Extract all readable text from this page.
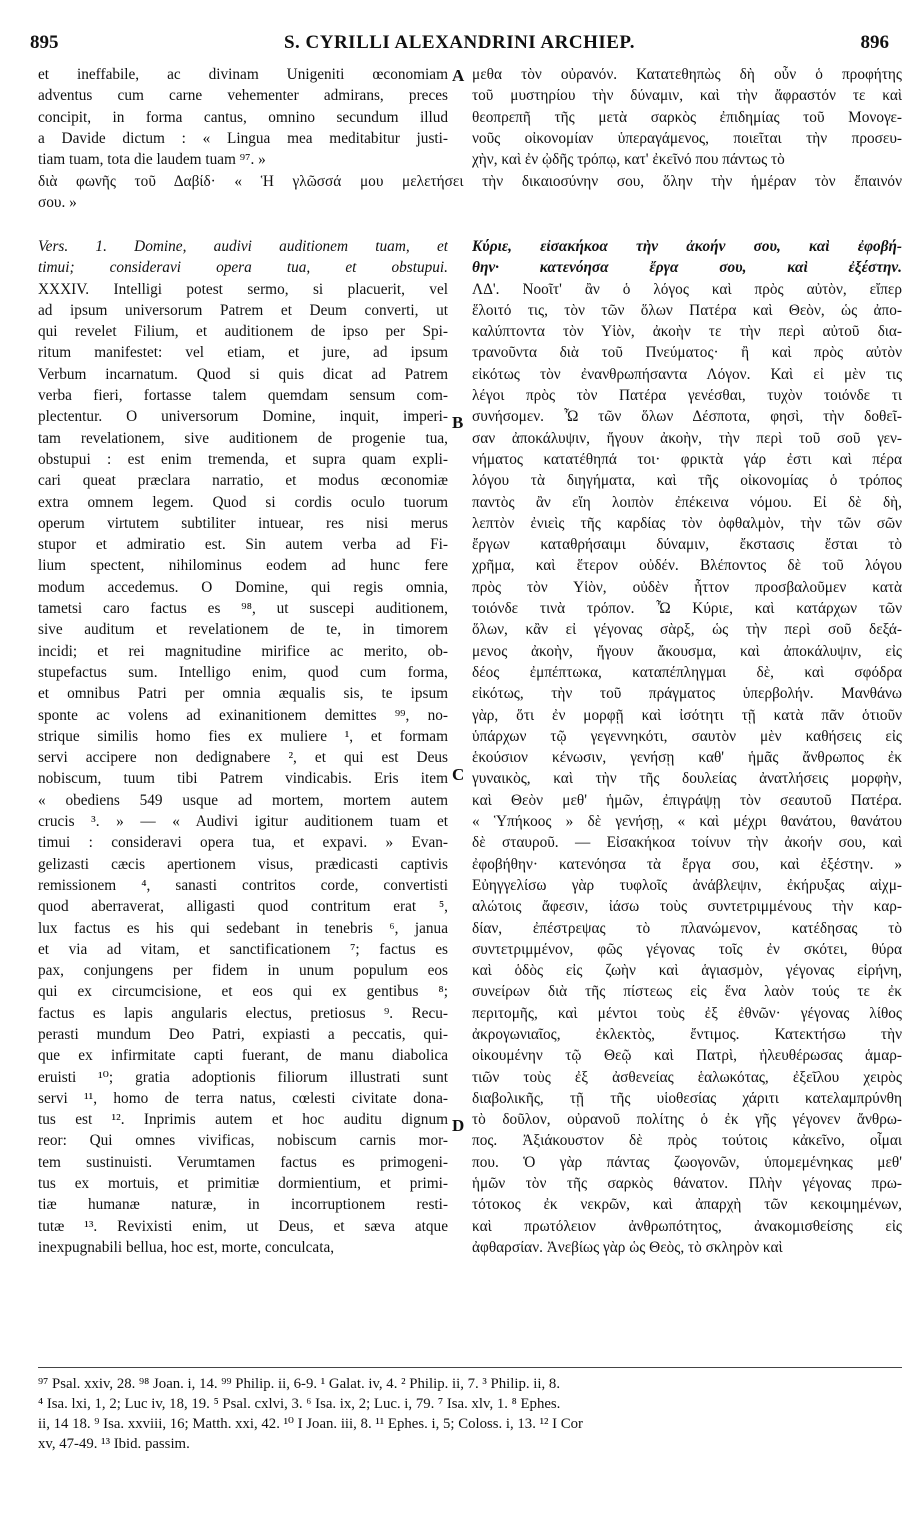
895	S. CYRILLI ALEXANDRINI ARCHIEP.	896
et ineffabile, ac divinam Unigeniti œconomiam
adventus cum carne vehementer admirans, preces
concipit, in forma cantus, omnino secundum illud
a Davide dictum : « Lingua mea meditabitur justi-
tiam tuam, tota die laudem tuam ⁹⁷. »
μεθα τὸν οὐρανόν. Κατατεθηπὼς δὴ οὖν ὁ προφήτης
τοῦ μυστηρίου τὴν δύναμιν, καὶ τὴν ἄφραστόν τε καὶ
θεοπρεπῆ τῆς μετὰ σαρκὸς ἐπιδημίας τοῦ Μονογε-
νοῦς οἰκονομίαν ὑπεραγάμενος, ποιεῖται τὴν προσευ-
χὴν, καὶ ἐν ᾠδῆς τρόπῳ, κατ' ἐκεῖνό που πάντως τὸ
A
διὰ φωνῆς τοῦ Δαβίδ· « Ἡ γλῶσσά μου μελετήσει τὴν δικαιοσύνην σου, ὅλην τὴν ἡμέραν τὸν ἔπαινόν
σου. »
Vers. 1. Domine, audivi auditionem tuam, et
timui; consideravi opera tua, et obstupui.
XXXIV. Intelligi potest sermo, si placuerit, vel
ad ipsum universorum Patrem et Deum converti, ut
qui revelet Filium, et auditionem de ipso per Spi-
ritum manifestet: vel etiam, et jure, ad ipsum
Verbum incarnatum. Quod si quis dicat ad Patrem
verba fieri, fortasse talem quemdam sensum com-
plectentur. O universorum Domine, inquit, imperi-
tam revelationem, sive auditionem de progenie tua,
obstupui : est enim tremenda, et supra quam expli-
cari queat præclara narratio, et modus œconomiæ
extra omnem legem. Quod si cordis oculo tuorum
operum virtutem subtiliter intuear, res nisi merus
stupor et admiratio est. Sin autem verba ad Fi-
lium spectent, nihilominus eodem ad hunc fere
modum accedemus. O Domine, qui regis omnia,
tametsi caro factus es ⁹⁸, ut suscepi auditionem,
sive auditum et revelationem de te, in timorem
incidi; et rei magnitudine mirifice ac merito, ob-
stupefactus sum. Intelligo enim, quod cum forma,
et omnibus Patri per omnia æqualis sis, te ipsum
sponte ac volens ad exinanitionem demittes ⁹⁹, no-
strique similis homo fies ex muliere ¹, et formam
servi accipere non dedignabere ², et qui est Deus
nobiscum, tuum tibi Patrem vindicabis. Eris item
« obediens 549 usque ad mortem, mortem autem
crucis ³. » — « Audivi igitur auditionem tuam et
timui : consideravi opera tua, et expavi. » Evan-
gelizasti cæcis apertionem visus, prædicasti captivis
remissionem ⁴, sanasti contritos corde, convertisti
quod aberraverat, alligasti quod contritum erat ⁵,
lux factus es his qui sedebant in tenebris ⁶, janua
et via ad vitam, et sanctificationem ⁷; factus es
pax, conjungens per fidem in unum populum eos
qui ex circumcisione, et eos qui ex gentibus ⁸;
factus es lapis angularis electus, pretiosus ⁹. Recu-
perasti mundum Deo Patri, expiasti a peccatis, qui-
que ex infirmitate capti fuerant, de manu diabolica
eruisti ¹⁰; gratia adoptionis filiorum illustrati sunt
servi ¹¹, homo de terra natus, cœlesti civitate dona-
tus est ¹². Inprimis autem et hoc auditu dignum
reor: Qui omnes vivificas, nobiscum carnis mor-
tem sustinuisti. Verumtamen factus es primogeni-
tus ex mortuis, et primitiæ dormientium, et primi-
tiæ humanæ naturæ, in incorruptionem resti-
tutæ ¹³. Revixisti enim, ut Deus, et sæva atque
inexpugnabili bellua, hoc est, morte, conculcata,
Κύριε, εἰσακήκοα τὴν ἀκοήν σου, καὶ ἐφοβή-
θην· κατενόησα ἔργα σου, καὶ ἐξέστην.
ΛΔ'. Νοοῖτ' ἂν ὁ λόγος καὶ πρὸς αὐτὸν, εἴπερ
ἕλοιτό τις, τὸν τῶν ὅλων Πατέρα καὶ Θεὸν, ὡς ἀπο-
καλύπτοντα τὸν Υἱὸν, ἀκοὴν τε τὴν περὶ αὐτοῦ δια-
τρανοῦντα διὰ τοῦ Πνεύματος· ἢ καὶ πρὸς αὐτὸν
εἰκότως τὸν ἐνανθρωπήσαντα Λόγον. Καὶ εἰ μὲν τις
λέγοι πρὸς τὸν Πατέρα γενέσθαι, τυχὸν τοιόνδε τι
συνήσομεν. Ὦ τῶν ὅλων Δέσποτα, φησὶ, τὴν δοθεῖ-
σαν ἀποκάλυψιν, ἤγουν ἀκοὴν, τὴν περὶ τοῦ σοῦ γεν-
νήματος κατατέθηπά τοι· φρικτὰ γάρ ἐστι καὶ πέρα
λόγου τὰ διηγήματα, καὶ τῆς οἰκονομίας ὁ τρόπος
παντὸς ἂν εἴη λοιπὸν ἐπέκεινα νόμου. Εἰ δὲ δὴ,
λεπτὸν ἐνιεὶς τῆς καρδίας τὸν ὀφθαλμὸν, τὴν τῶν σῶν
ἔργων καταθρήσαιμι δύναμιν, ἔκστασις ἔσται τὸ
χρῆμα, καὶ ἕτερον οὐδέν. Βλέποντος δὲ τοῦ λόγου
πρὸς τὸν Υἱὸν, οὐδὲν ἧττον προσβαλοῦμεν κατὰ
τοιόνδε τινὰ τρόπον. Ὦ Κύριε, καὶ κατάρχων τῶν
ὅλων, κἂν εἰ γέγονας σὰρξ, ὡς τὴν περὶ σοῦ δεξά-
μενος ἀκοὴν, ἤγουν ἄκουσμα, καὶ ἀποκάλυψιν, εἰς
δέος ἐμπέπτωκα, καταπέπληγμαι δὲ, καὶ σφόδρα
εἰκότως, τὴν τοῦ πράγματος ὑπερβολήν. Μανθάνω
γὰρ, ὅτι ἐν μορφῇ καὶ ἰσότητι τῇ κατὰ πᾶν ὁτιοῦν
ὑπάρχων τῷ γεγεννηκότι, σαυτὸν μὲν καθήσεις εἰς
ἑκούσιον κένωσιν, γενήσῃ καθ' ἡμᾶς ἄνθρωπος ἐκ
γυναικὸς, καὶ τὴν τῆς δουλείας ἀνατλήσεις μορφὴν,
καὶ Θεὸν μεθ' ἡμῶν, ἐπιγράψῃ τὸν σεαυτοῦ Πατέρα.
« Ὑπήκοος » δὲ γενήσῃ, « καὶ μέχρι θανάτου, θανάτου
δὲ σταυροῦ. — Εἰσακήκοα τοίνυν τὴν ἀκοήν σου, καὶ
ἐφοβήθην· κατενόησα τὰ ἔργα σου, καὶ ἐξέστην. »
Εὐηγγελίσω γὰρ τυφλοῖς ἀνάβλεψιν, ἐκήρυξας αἰχμ-
αλώτοις ἄφεσιν, ἰάσω τοὺς συντετριμμένους τὴν καρ-
δίαν, ἐπέστρεψας τὸ πλανώμενον, κατέδησας τὸ
συντετριμμένον, φῶς γέγονας τοῖς ἐν σκότει, θύρα
καὶ ὁδὸς εἰς ζωὴν καὶ ἁγιασμὸν, γέγονας εἰρήνη,
συνείρων διὰ τῆς πίστεως εἰς ἕνα λαὸν τούς τε ἐκ
περιτομῆς, καὶ μέντοι τοὺς ἐξ ἐθνῶν· γέγονας λίθος
ἀκρογωνιαῖος, ἐκλεκτὸς, ἔντιμος. Κατεκτήσω τὴν
οἰκουμένην τῷ Θεῷ καὶ Πατρὶ, ἠλευθέρωσας ἁμαρ-
τιῶν τοὺς ἐξ ἀσθενείας ἑαλωκότας, ἐξεῖλου χειρὸς
διαβολικῆς, τῇ τῆς υἱοθεσίας χάριτι κατελαμπρύνθη
τὸ δοῦλον, οὐρανοῦ πολίτης ὁ ἐκ γῆς γέγονεν ἄνθρω-
πος. Ἀξιάκουστον δὲ πρὸς τούτοις κἀκεῖνο, οἶμαι
που. Ὁ γὰρ πάντας ζωογονῶν, ὑπομεμένηκας μεθ'
ἡμῶν τὸν τῆς σαρκὸς θάνατον. Πλὴν γέγονας πρω-
τότοκος ἐκ νεκρῶν, καὶ ἀπαρχὴ τῶν κεκοιμημένων,
καὶ πρωτόλειον ἀνθρωπότητος, ἀνακομισθείσης εἰς
ἀφθαρσίαν. Ἀνεβίως γὰρ ὡς Θεὸς, τὸ σκληρὸν καὶ
B
C
D
⁹⁷ Psal. xxiv, 28. ⁹⁸ Joan. i, 14. ⁹⁹ Philip. ii, 6-9. ¹ Galat. iv, 4. ² Philip. ii, 7. ³ Philip. ii, 8.
⁴ Isa. lxi, 1, 2; Luc iv, 18, 19. ⁵ Psal. cxlvi, 3. ⁶ Isa. ix, 2; Luc. i, 79. ⁷ Isa. xlv, 1. ⁸ Ephes.
ii, 14 18. ⁹ Isa. xxviii, 16; Matth. xxi, 42. ¹⁰ I Joan. iii, 8. ¹¹ Ephes. i, 5; Coloss. i, 13. ¹² I Cor
xv, 47-49. ¹³ Ibid. passim.
